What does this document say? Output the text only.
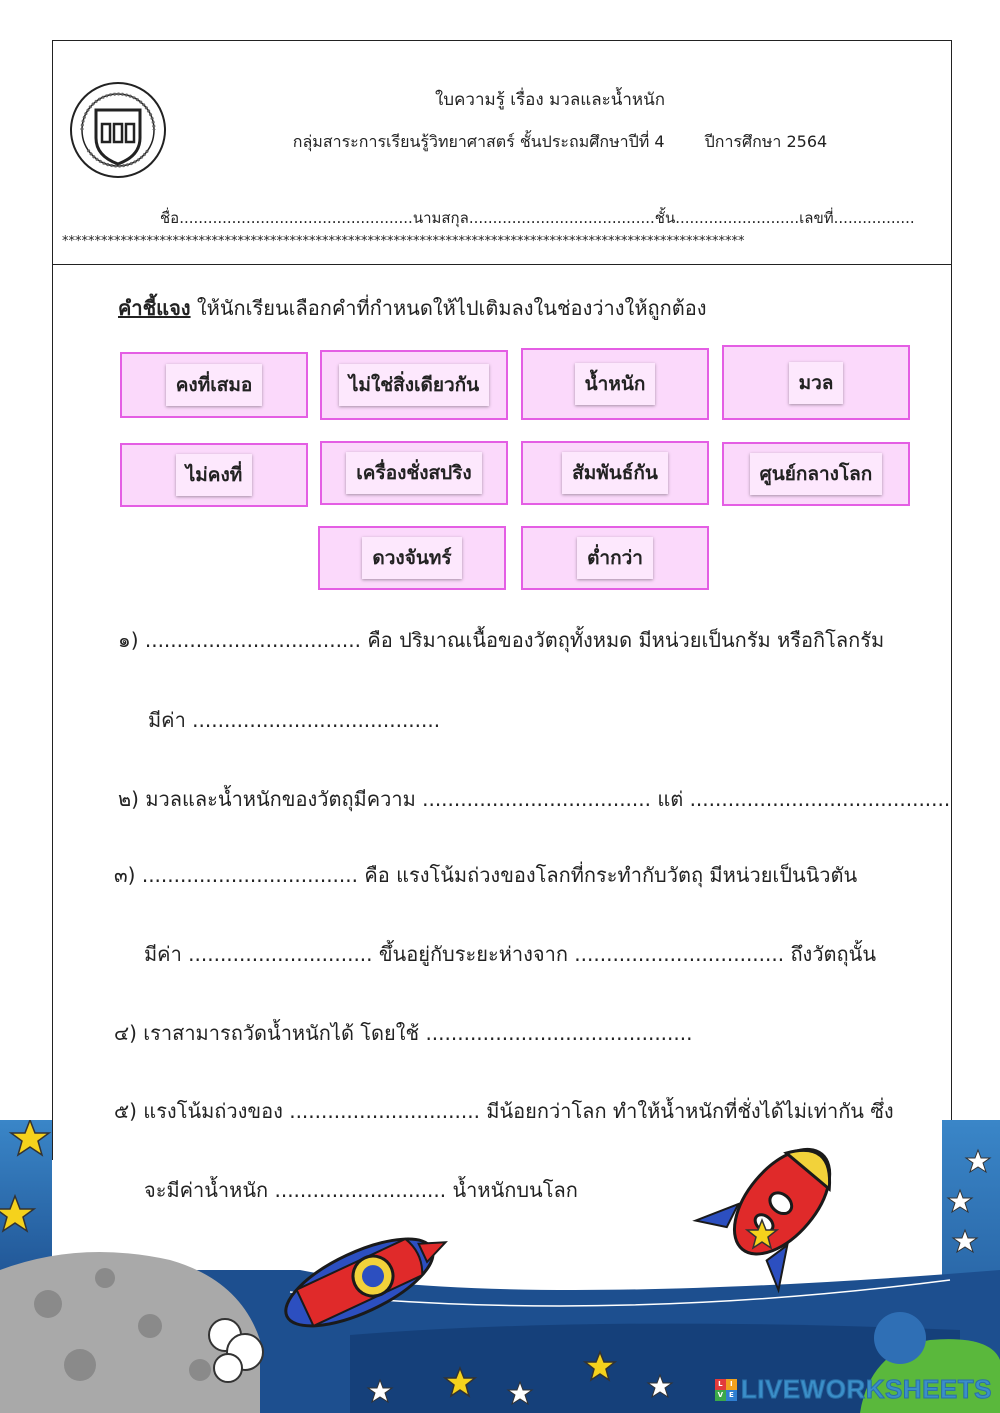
ใบความรู้ เรื่อง มวลและน้ำหนัก
กลุ่มสาระการเรียนรู้วิทยาศาสตร์ ชั้นประถมศึกษาปีที่ 4	ปีการศึกษา 2564
ชื่อ.................................................นามสกุล.......................................ชั้น..........................เลขที่.................
*********************************************************************************************************
คำชี้แจง ให้นักเรียนเลือกคำที่กำหนดให้ไปเติมลงในช่องว่างให้ถูกต้อง
คงที่เสมอ	ไม่ใช่สิ่งเดียวกัน	น้ำหนัก	มวล
ไม่คงที่	เครื่องชั่งสปริง	สัมพันธ์กัน	ศูนย์กลางโลก
ดวงจันทร์	ต่ำกว่า
๑) .................................. คือ ปริมาณเนื้อของวัตถุทั้งหมด มีหน่วยเป็นกรัม หรือกิโลกรัม
มีค่า .......................................
๒) มวลและน้ำหนักของวัตถุมีความ .................................... แต่ .........................................
๓) .................................. คือ แรงโน้มถ่วงของโลกที่กระทำกับวัตถุ มีหน่วยเป็นนิวตัน
มีค่า ............................. ขึ้นอยู่กับระยะห่างจาก ................................. ถึงวัตถุนั้น
๔) เราสามารถวัดน้ำหนักได้ โดยใช้ ..........................................
๕) แรงโน้มถ่วงของ .............................. มีน้อยกว่าโลก ทำให้น้ำหนักที่ชั่งได้ไม่เท่ากัน ซึ่ง
จะมีค่าน้ำหนัก ........................... น้ำหนักบนโลก
L	I
V E LIVEWORKSHEETS
